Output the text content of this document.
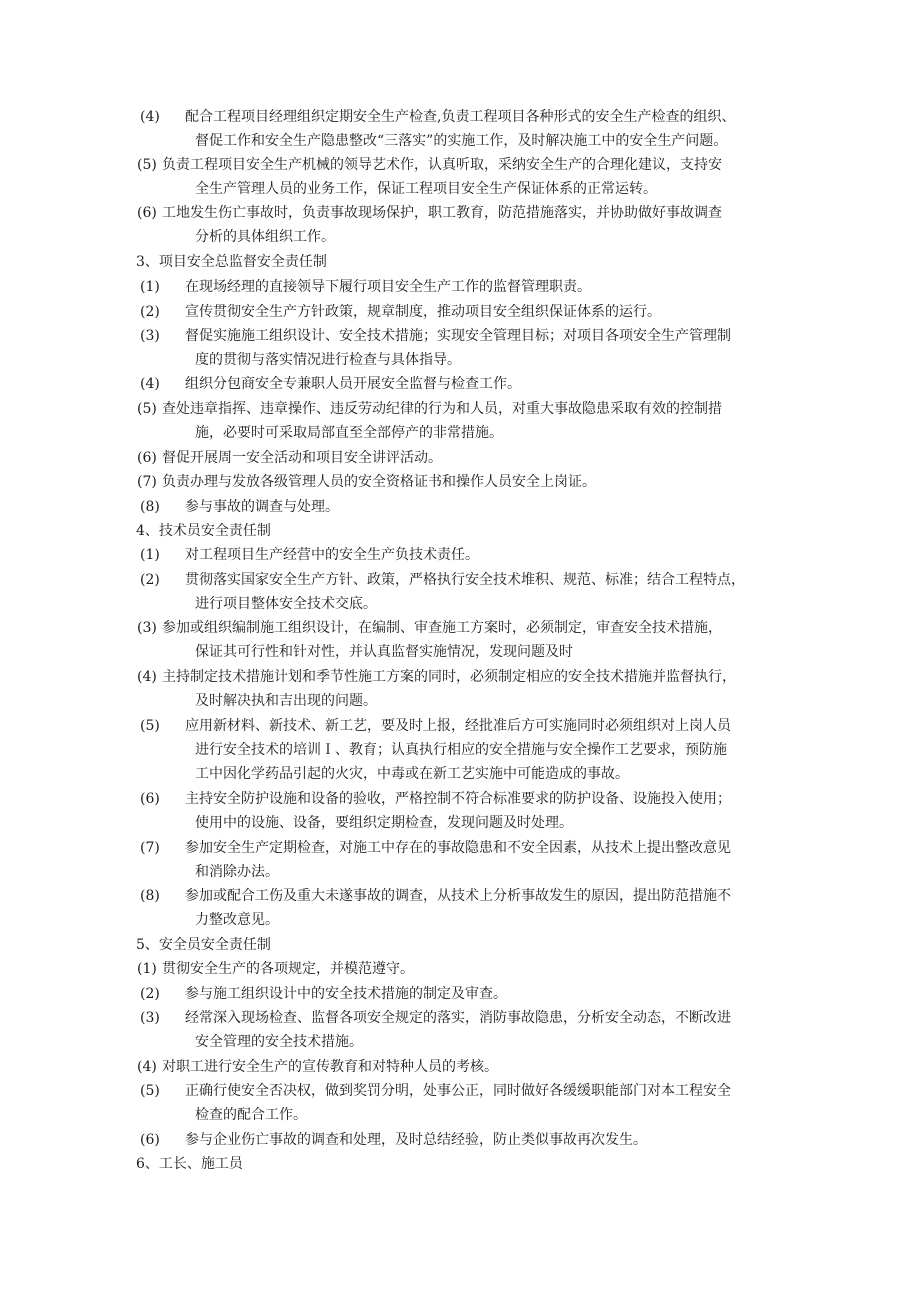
(4) 配合工程项目经理组织定期安全生产检查,负责工程项目各种形式的安全生产检查的组织、
督促工作和安全生产隐患整改“三落实”的实施工作，及时解决施工中的安全生产问题。
(5) 负责工程项目安全生产机械的领导艺术作，认真听取，采纳安全生产的合理化建议，支持安
全生产管理人员的业务工作，保证工程项目安全生产保证体系的正常运转。
(6) 工地发生伤亡事故时，负责事故现场保护，职工教育，防范措施落实，并协助做好事故调查
分析的具体组织工作。
3、项目安全总监督安全责任制
(1) 在现场经理的直接领导下履行项目安全生产工作的监督管理职责。
(2) 宣传贯彻安全生产方针政策，规章制度，推动项目安全组织保证体系的运行。
(3) 督促实施施工组织设计、安全技术措施；实现安全管理目标；对项目各项安全生产管理制
度的贯彻与落实情况进行检查与具体指导。
(4) 组织分包商安全专兼职人员开展安全监督与检查工作。
(5) 查处违章指挥、违章操作、违反劳动纪律的行为和人员，对重大事故隐患采取有效的控制措
施，必要时可采取局部直至全部停产的非常措施。
(6) 督促开展周一安全活动和项目安全讲评活动。
(7) 负责办理与发放各级管理人员的安全资格证书和操作人员安全上岗证。
(8) 参与事故的调查与处理。
4、技术员安全责任制
(1) 对工程项目生产经营中的安全生产负技术责任。
(2) 贯彻落实国家安全生产方针、政策，严格执行安全技术堆积、规范、标准；结合工程特点，
进行项目整体安全技术交底。
(3) 参加或组织编制施工组织设计，在编制、审查施工方案时，必须制定，审查安全技术措施，
保证其可行性和针对性，并认真监督实施情况，发现问题及时
(4) 主持制定技术措施计划和季节性施工方案的同时，必须制定相应的安全技术措施并监督执行，
及时解决执和吉出现的问题。
(5) 应用新材料、新技术、新工艺，要及时上报，经批准后方可实施同时必须组织对上岗人员
进行安全技术的培训Ｉ、教育；认真执行相应的安全措施与安全操作工艺要求，预防施
工中因化学药品引起的火灾，中毒或在新工艺实施中可能造成的事故。
(6) 主持安全防护设施和设备的验收，严格控制不符合标准要求的防护设备、设施投入使用；
使用中的设施、设备，要组织定期检查，发现问题及时处理。
(7) 参加安全生产定期检查，对施工中存在的事故隐患和不安全因素，从技术上提出整改意见
和消除办法。
(8) 参加或配合工伤及重大未遂事故的调查，从技术上分析事故发生的原因，提出防范措施不
力整改意见。
5、安全员安全责任制
(1) 贯彻安全生产的各项规定，并模范遵守。
(2) 参与施工组织设计中的安全技术措施的制定及审查。
(3) 经常深入现场检查、监督各项安全规定的落实，消防事故隐患，分析安全动态，不断改进
安全管理的安全技术措施。
(4) 对职工进行安全生产的宣传教育和对特种人员的考核。
(5) 正确行使安全否决权，做到奖罚分明，处事公正，同时做好各缓缓职能部门对本工程安全
检查的配合工作。
(6) 参与企业伤亡事故的调查和处理，及时总结经验，防止类似事故再次发生。
6、工长、施工员
